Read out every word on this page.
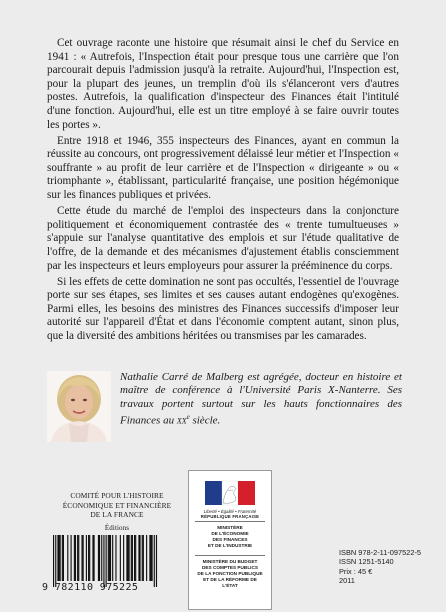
Cet ouvrage raconte une histoire que résumait ainsi le chef du Service en 1941 : « Autrefois, l'Inspection était pour presque tous une carrière que l'on parcourait depuis l'admission jusqu'à la retraite. Aujourd'hui, l'Inspection est, pour la plupart des jeunes, un tremplin d'où ils s'élanceront vers d'autres postes. Autrefois, la qualification d'inspecteur des Finances était l'intitulé d'une fonction. Aujourd'hui, elle est un titre employé à se faire ouvrir toutes les portes ».

Entre 1918 et 1946, 355 inspecteurs des Finances, ayant en commun la réussite au concours, ont progressivement délaissé leur métier et l'Inspection « souffrante » au profit de leur carrière et de l'Inspection « dirigeante » ou « triomphante », établissant, particularité française, une position hégémonique sur les finances publiques et privées.

Cette étude du marché de l'emploi des inspecteurs dans la conjoncture politiquement et économiquement contrastée des « trente tumultueuses » s'appuie sur l'analyse quantitative des emplois et sur l'étude qualitative de l'offre, de la demande et des mécanismes d'ajustement établis consciemment par les inspecteurs et leurs employeurs pour assurer la prééminence du corps.

Si les effets de cette domination ne sont pas occultés, l'essentiel de l'ouvrage porte sur ses étapes, ses limites et ses causes autant endogènes qu'exogènes. Parmi elles, les besoins des ministres des Finances successifs d'imposer leur autorité sur l'appareil d'État et dans l'économie comptent autant, sinon plus, que la diversité des ambitions héritées ou transmises par les camarades.

Nathalie Carré de Malberg est agrégée, docteur en histoire et maître de conférence à l'Université Paris X-Nanterre. Ses travaux portent surtout sur les hauts fonctionnaires des Finances au $xx^e$ siècle.

COMITÉ POUR L'HISTOIRE
ÉCONOMIQUE ET FINANCIÈRE
DE LA FRANCE
Éditions
9 782110 975225
Liberté • Égalité • Fraternité
RÉPUBLIQUE FRANÇAISE
MINISTÈRE
DE L'ÉCONOMIE
DES FINANCES
ET DE L'INDUSTRIE
MINISTÈRE DU BUDGET
DES COMPTES PUBLICS
DE LA FONCTION PUBLIQUE
ET DE LA RÉFORME DE L'ÉTAT
ISBN 978-2-11-097522-5
ISSN 1251-5140
Prix : 45 €
2011
